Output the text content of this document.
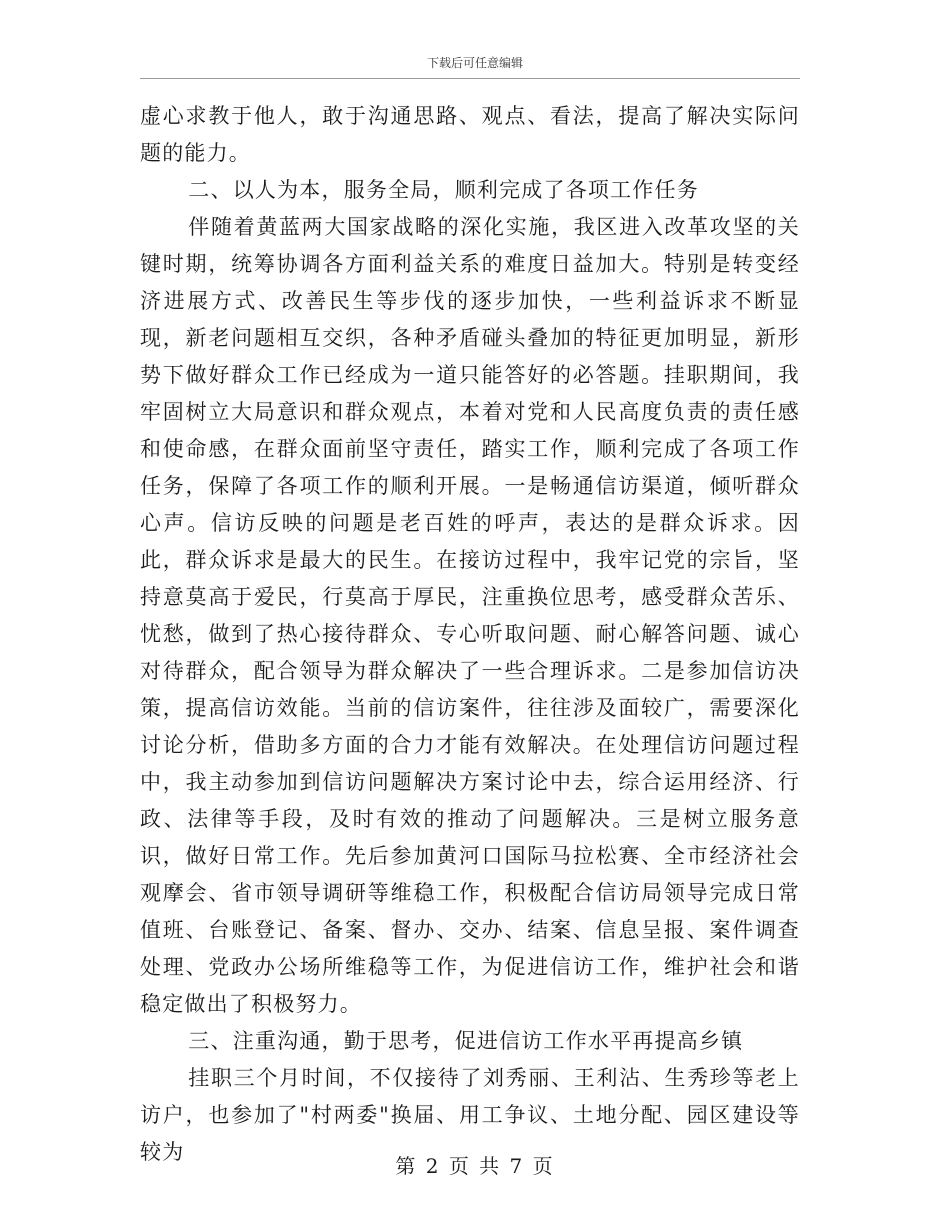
下载后可任意编辑

虚心求教于他人，敢于沟通思路、观点、看法，提高了解决实际问题的能力。

二、以人为本，服务全局，顺利完成了各项工作任务

伴随着黄蓝两大国家战略的深化实施，我区进入改革攻坚的关键时期，统筹协调各方面利益关系的难度日益加大。特别是转变经济进展方式、改善民生等步伐的逐步加快，一些利益诉求不断显现，新老问题相互交织，各种矛盾碰头叠加的特征更加明显，新形势下做好群众工作已经成为一道只能答好的必答题。挂职期间，我牢固树立大局意识和群众观点，本着对党和人民高度负责的责任感和使命感，在群众面前坚守责任，踏实工作，顺利完成了各项工作任务，保障了各项工作的顺利开展。一是畅通信访渠道，倾听群众心声。信访反映的问题是老百姓的呼声，表达的是群众诉求。因此，群众诉求是最大的民生。在接访过程中，我牢记党的宗旨，坚持意莫高于爱民，行莫高于厚民，注重换位思考，感受群众苦乐、忧愁，做到了热心接待群众、专心听取问题、耐心解答问题、诚心对待群众，配合领导为群众解决了一些合理诉求。二是参加信访决策，提高信访效能。当前的信访案件，往往涉及面较广，需要深化讨论分析，借助多方面的合力才能有效解决。在处理信访问题过程中，我主动参加到信访问题解决方案讨论中去，综合运用经济、行政、法律等手段，及时有效的推动了问题解决。三是树立服务意识，做好日常工作。先后参加黄河口国际马拉松赛、全市经济社会观摩会、省市领导调研等维稳工作，积极配合信访局领导完成日常值班、台账登记、备案、督办、交办、结案、信息呈报、案件调查处理、党政办公场所维稳等工作，为促进信访工作，维护社会和谐稳定做出了积极努力。

三、注重沟通，勤于思考，促进信访工作水平再提高乡镇

挂职三个月时间，不仅接待了刘秀丽、王利沾、生秀珍等老上访户，也参加了"村两委"换届、用工争议、土地分配、园区建设等较为

第 2 页 共 7 页
